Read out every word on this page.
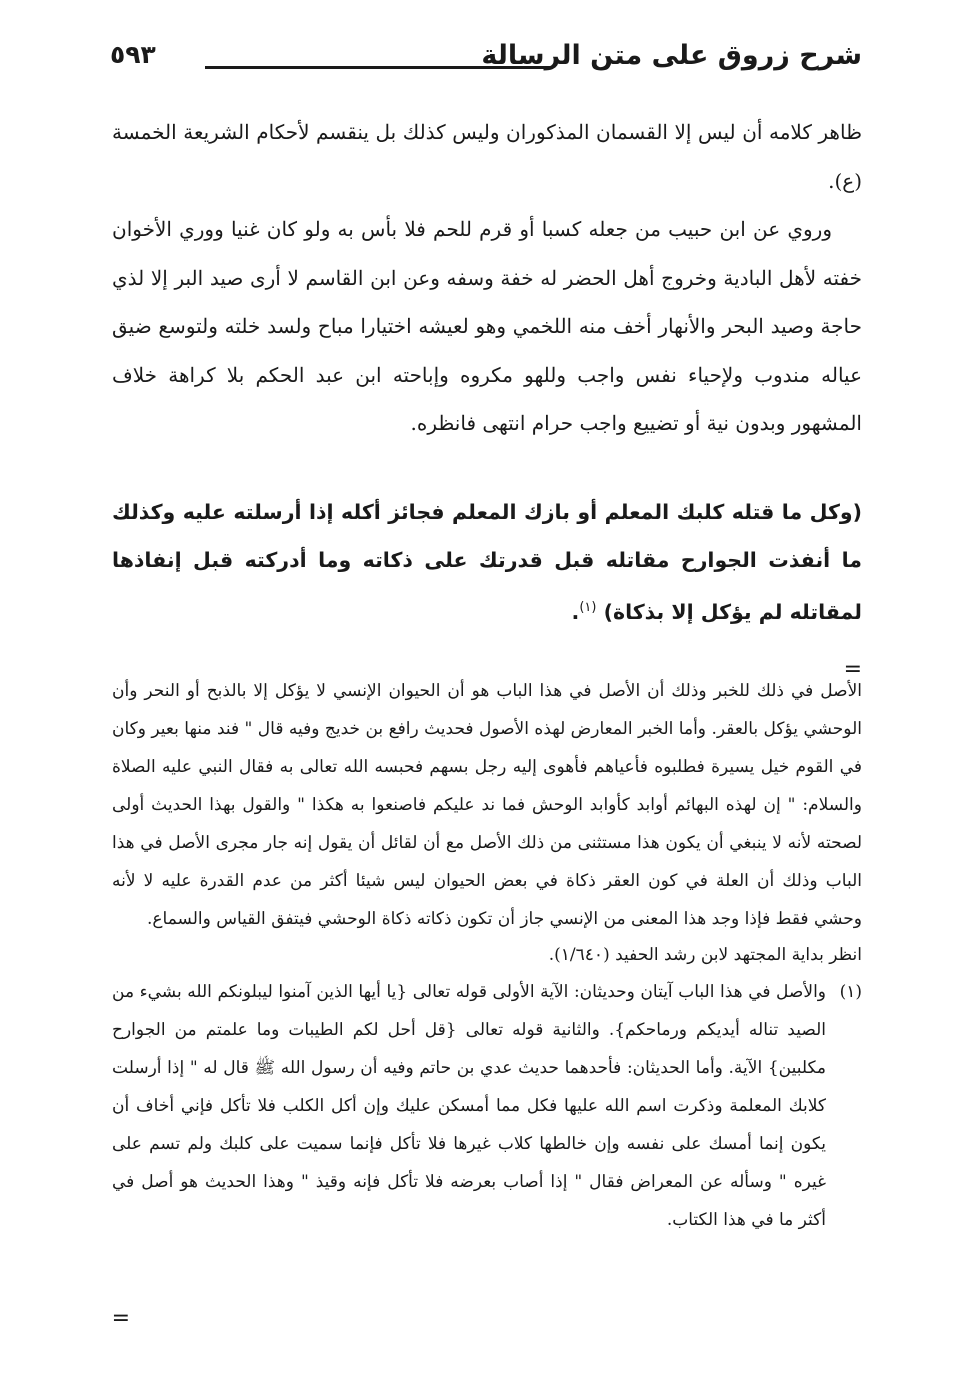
شرح زروق على متن الرسالة
٥٩٣

ظاهر كلامه أن ليس إلا القسمان المذكوران وليس كذلك بل ينقسم لأحكام الشريعة الخمسة (ع).

وروي عن ابن حبيب من جعله كسبا أو قرم للحم فلا بأس به ولو كان غنيا ووري الأخوان خفته لأهل البادية وخروج أهل الحضر له خفة وسفه وعن ابن القاسم لا أرى صيد البر إلا لذي حاجة وصيد البحر والأنهار أخف منه اللخمي وهو لعيشه اختيارا مباح ولسد خلته ولتوسع ضيق عياله مندوب ولإحياء نفس واجب وللهو مكروه وإباحته ابن عبد الحكم بلا كراهة خلاف المشهور وبدون نية أو تضييع واجب حرام انتهى فانظره.

(وكل ما قتله كلبك المعلم أو بازك المعلم فجائز أكله إذا أرسلته عليه وكذلك ما أنفذت الجوارح مقاتله قبل قدرتك على ذكاته وما أدركته قبل إنفاذها لمقاتله لم يؤكل إلا بذكاة) $^{(١)}$.

=

الأصل في ذلك للخبر وذلك أن الأصل في هذا الباب هو أن الحيوان الإنسي لا يؤكل إلا بالذبح أو النحر وأن الوحشي يؤكل بالعقر. وأما الخبر المعارض لهذه الأصول فحديث رافع بن خديج وفيه قال " فند منها بعير وكان في القوم خيل يسيرة فطلبوه فأعياهم فأهوى إليه رجل بسهم فحبسه الله تعالى به فقال النبي عليه الصلاة والسلام: " إن لهذه البهائم أوابد كأوابد الوحش فما ند عليكم فاصنعوا به هكذا " والقول بهذا الحديث أولى لصحته لأنه لا ينبغي أن يكون هذا مستثنى من ذلك الأصل مع أن لقائل أن يقول إنه جار مجرى الأصل في هذا الباب وذلك أن العلة في كون العقر ذكاة في بعض الحيوان ليس شيئا أكثر من عدم القدرة عليه لا لأنه وحشي فقط فإذا وجد هذا المعنى من الإنسي جاز أن تكون ذكاته ذكاة الوحشي فيتفق القياس والسماع.

انظر بداية المجتهد لابن رشد الحفيد (١/٦٤٠).

(١)

والأصل في هذا الباب آيتان وحديثان: الآية الأولى قوله تعالى {يا أيها الذين آمنوا ليبلونكم الله بشيء من الصيد تناله أيديكم ورماحكم}. والثانية قوله تعالى {قل أحل لكم الطيبات وما علمتم من الجوارح مكلبين} الآية. وأما الحديثان: فأحدهما حديث عدي بن حاتم وفيه أن رسول الله ﷺ قال له " إذا أرسلت كلابك المعلمة وذكرت اسم الله عليها فكل مما أمسكن عليك وإن أكل الكلب فلا تأكل فإني أخاف أن يكون إنما أمسك على نفسه وإن خالطها كلاب غيرها فلا تأكل فإنما سميت على كلبك ولم تسم على غيره " وسأله عن المعراض فقال " إذا أصاب بعرضه فلا تأكل فإنه وقيذ " وهذا الحديث هو أصل في أكثر ما في هذا الكتاب.

=
